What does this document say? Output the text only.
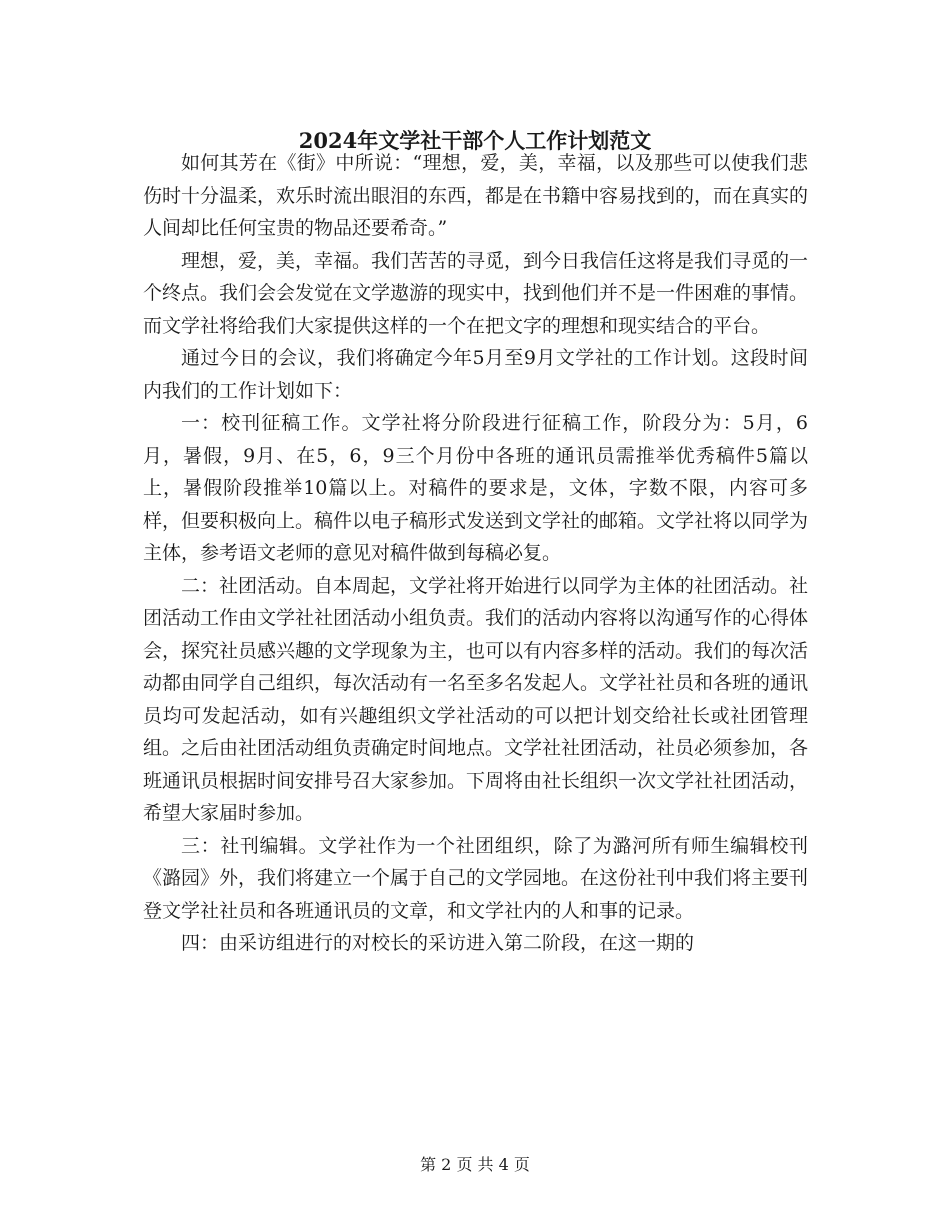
2024年文学社干部个人工作计划范文

如何其芳在《街》中所说：“理想，爱，美，幸福，以及那些可以使我们悲伤时十分温柔，欢乐时流出眼泪的东西，都是在书籍中容易找到的，而在真实的人间却比任何宝贵的物品还要希奇。”

理想，爱，美，幸福。我们苦苦的寻觅，到今日我信任这将是我们寻觅的一个终点。我们会会发觉在文学遨游的现实中，找到他们并不是一件困难的事情。而文学社将给我们大家提供这样的一个在把文字的理想和现实结合的平台。

通过今日的会议，我们将确定今年5月至9月文学社的工作计划。这段时间内我们的工作计划如下：

一：校刊征稿工作。文学社将分阶段进行征稿工作，阶段分为：5月，6月，暑假，9月、在5，6，9三个月份中各班的通讯员需推举优秀稿件5篇以上，暑假阶段推举10篇以上。对稿件的要求是，文体，字数不限，内容可多样，但要积极向上。稿件以电子稿形式发送到文学社的邮箱。文学社将以同学为主体，参考语文老师的意见对稿件做到每稿必复。

二：社团活动。自本周起，文学社将开始进行以同学为主体的社团活动。社团活动工作由文学社社团活动小组负责。我们的活动内容将以沟通写作的心得体会，探究社员感兴趣的文学现象为主，也可以有内容多样的活动。我们的每次活动都由同学自己组织，每次活动有一名至多名发起人。文学社社员和各班的通讯员均可发起活动，如有兴趣组织文学社活动的可以把计划交给社长或社团管理组。之后由社团活动组负责确定时间地点。文学社社团活动，社员必须参加，各班通讯员根据时间安排号召大家参加。下周将由社长组织一次文学社社团活动，希望大家届时参加。

三：社刊编辑。文学社作为一个社团组织，除了为潞河所有师生编辑校刊《潞园》外，我们将建立一个属于自己的文学园地。在这份社刊中我们将主要刊登文学社社员和各班通讯员的文章，和文学社内的人和事的记录。

四：由采访组进行的对校长的采访进入第二阶段，在这一期的

第 2 页 共 4 页
